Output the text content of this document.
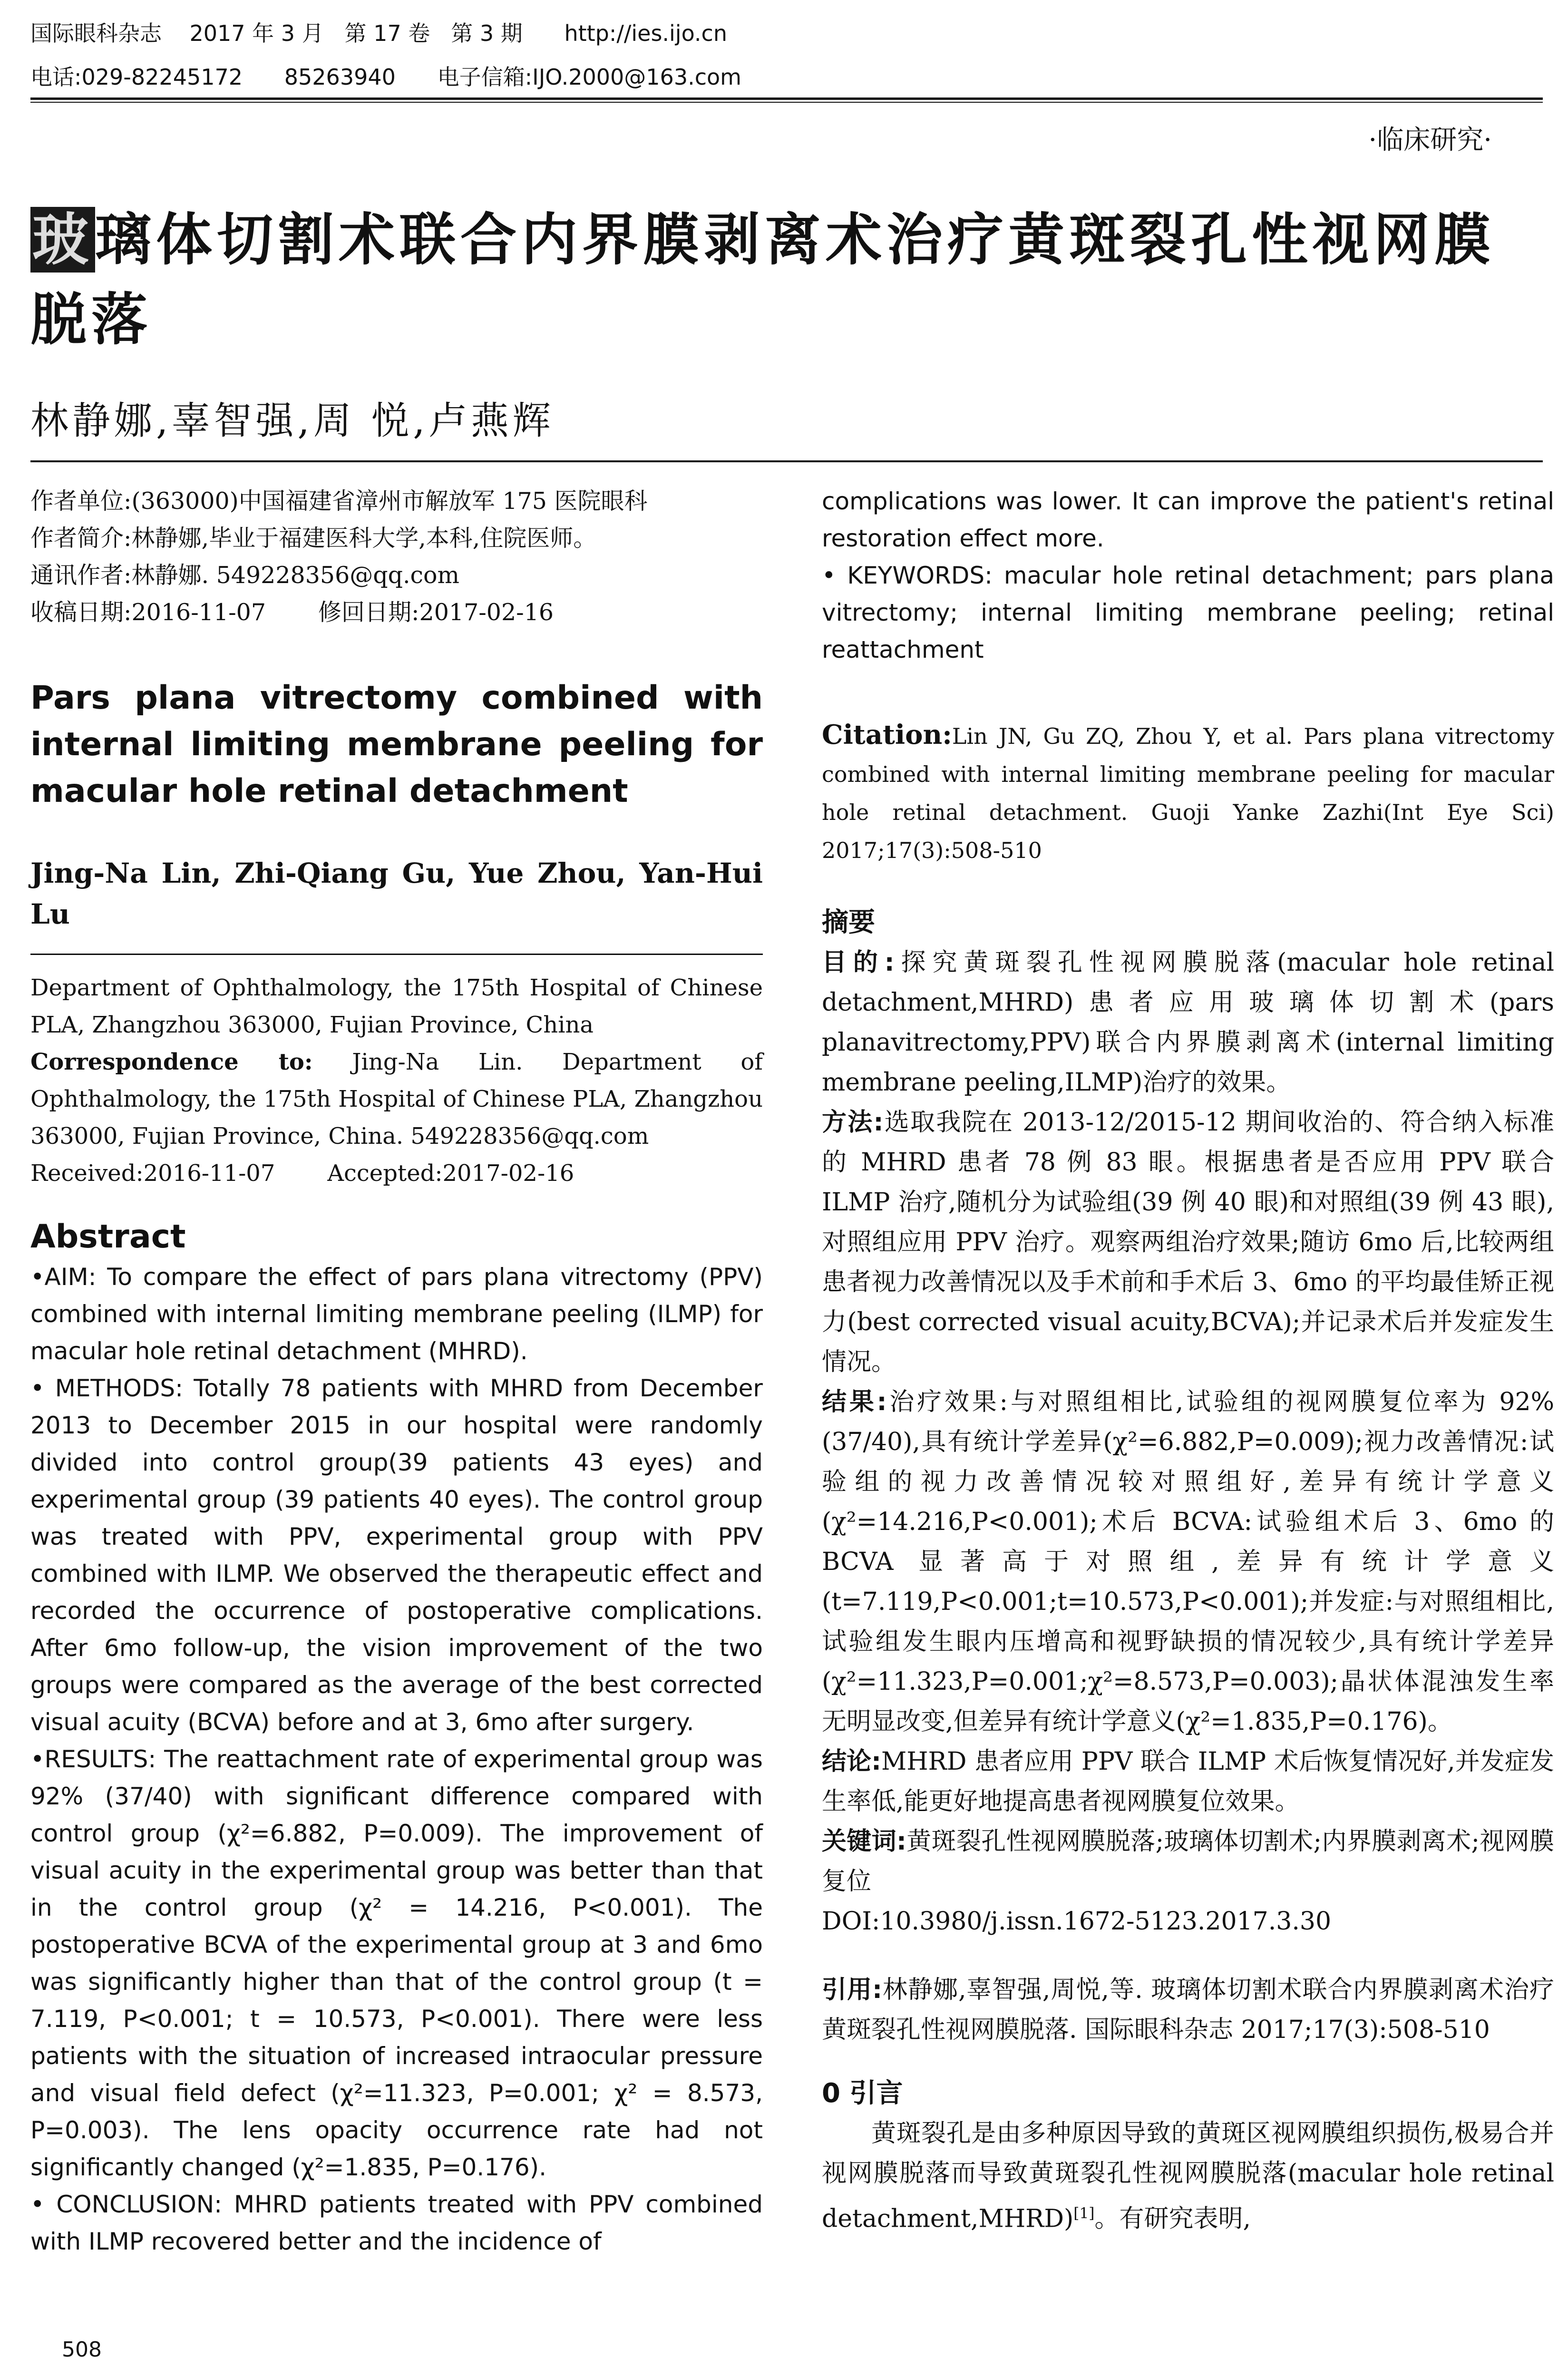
国际眼科杂志    2017 年 3 月   第 17 卷   第 3 期      http://ies.ijo.cn
电话:029-82245172      85263940      电子信箱:IJO.2000@163.com
·临床研究·
玻璃体切割术联合内界膜剥离术治疗黄斑裂孔性视网膜脱落
林静娜,辜智强,周 悦,卢燕辉
作者单位:(363000)中国福建省漳州市解放军 175 医院眼科
作者简介:林静娜,毕业于福建医科大学,本科,住院医师。
通讯作者:林静娜. 549228356@qq.com
收稿日期:2016-11-07 修回日期:2017-02-16
Pars plana vitrectomy combined with
internal limiting membrane peeling for
macular hole retinal detachment
Jing-Na Lin, Zhi-Qiang Gu, Yue Zhou, Yan-Hui Lu
Department of Ophthalmology, the 175th Hospital of Chinese PLA, Zhangzhou 363000, Fujian Province, China
Correspondence to: Jing-Na Lin. Department of Ophthalmology, the 175th Hospital of Chinese PLA, Zhangzhou 363000, Fujian Province, China. 549228356@qq.com
Received:2016-11-07 Accepted:2017-02-16
Abstract
•AIM: To compare the effect of pars plana vitrectomy (PPV) combined with internal limiting membrane peeling (ILMP) for macular hole retinal detachment (MHRD).
• METHODS: Totally 78 patients with MHRD from December 2013 to December 2015 in our hospital were randomly divided into control group(39 patients 43 eyes) and experimental group (39 patients 40 eyes). The control group was treated with PPV, experimental group with PPV combined with ILMP. We observed the therapeutic effect and recorded the occurrence of postoperative complications. After 6mo follow-up, the vision improvement of the two groups were compared as the average of the best corrected visual acuity (BCVA) before and at 3, 6mo after surgery.
•RESULTS: The reattachment rate of experimental group was 92% (37/40) with significant difference compared with control group (χ²=6.882, P=0.009). The improvement of visual acuity in the experimental group was better than that in the control group (χ² = 14.216, P<0.001). The postoperative BCVA of the experimental group at 3 and 6mo was significantly higher than that of the control group (t = 7.119, P<0.001; t = 10.573, P<0.001). There were less patients with the situation of increased intraocular pressure and visual field defect (χ²=11.323, P=0.001; χ² = 8.573, P=0.003). The lens opacity occurrence rate had not significantly changed (χ²=1.835, P=0.176).
• CONCLUSION: MHRD patients treated with PPV combined with ILMP recovered better and the incidence of
complications was lower. It can improve the patient's retinal restoration effect more.
• KEYWORDS: macular hole retinal detachment; pars plana vitrectomy; internal limiting membrane peeling; retinal reattachment
Citation:Lin JN, Gu ZQ, Zhou Y, et al. Pars plana vitrectomy combined with internal limiting membrane peeling for macular hole retinal detachment. Guoji Yanke Zazhi(Int Eye Sci) 2017;17(3):508-510
摘要
目的:探究黄斑裂孔性视网膜脱落(macular hole retinal detachment,MHRD)患者应用玻璃体切割术(pars planavitrectomy,PPV)联合内界膜剥离术(internal limiting membrane peeling,ILMP)治疗的效果。
方法:选取我院在 2013-12/2015-12 期间收治的、符合纳入标准的 MHRD 患者 78 例 83 眼。根据患者是否应用 PPV 联合 ILMP 治疗,随机分为试验组(39 例 40 眼)和对照组(39 例 43 眼),对照组应用 PPV 治疗。观察两组治疗效果;随访 6mo 后,比较两组患者视力改善情况以及手术前和手术后 3、6mo 的平均最佳矫正视力(best corrected visual acuity,BCVA);并记录术后并发症发生情况。
结果:治疗效果:与对照组相比,试验组的视网膜复位率为 92%(37/40),具有统计学差异(χ²=6.882,P=0.009);视力改善情况:试验组的视力改善情况较对照组好,差异有统计学意义(χ²=14.216,P<0.001);术后 BCVA:试验组术后 3、6mo 的 BCVA 显著高于对照组,差异有统计学意义(t=7.119,P<0.001;t=10.573,P<0.001);并发症:与对照组相比,试验组发生眼内压增高和视野缺损的情况较少,具有统计学差异(χ²=11.323,P=0.001;χ²=8.573,P=0.003);晶状体混浊发生率无明显改变,但差异有统计学意义(χ²=1.835,P=0.176)。
结论:MHRD 患者应用 PPV 联合 ILMP 术后恢复情况好,并发症发生率低,能更好地提高患者视网膜复位效果。
关键词:黄斑裂孔性视网膜脱落;玻璃体切割术;内界膜剥离术;视网膜复位
DOI:10.3980/j.issn.1672-5123.2017.3.30
引用:林静娜,辜智强,周悦,等. 玻璃体切割术联合内界膜剥离术治疗黄斑裂孔性视网膜脱落. 国际眼科杂志 2017;17(3):508-510
0 引言
黄斑裂孔是由多种原因导致的黄斑区视网膜组织损伤,极易合并视网膜脱落而导致黄斑裂孔性视网膜脱落(macular hole retinal detachment,MHRD)[1]。有研究表明,
508
